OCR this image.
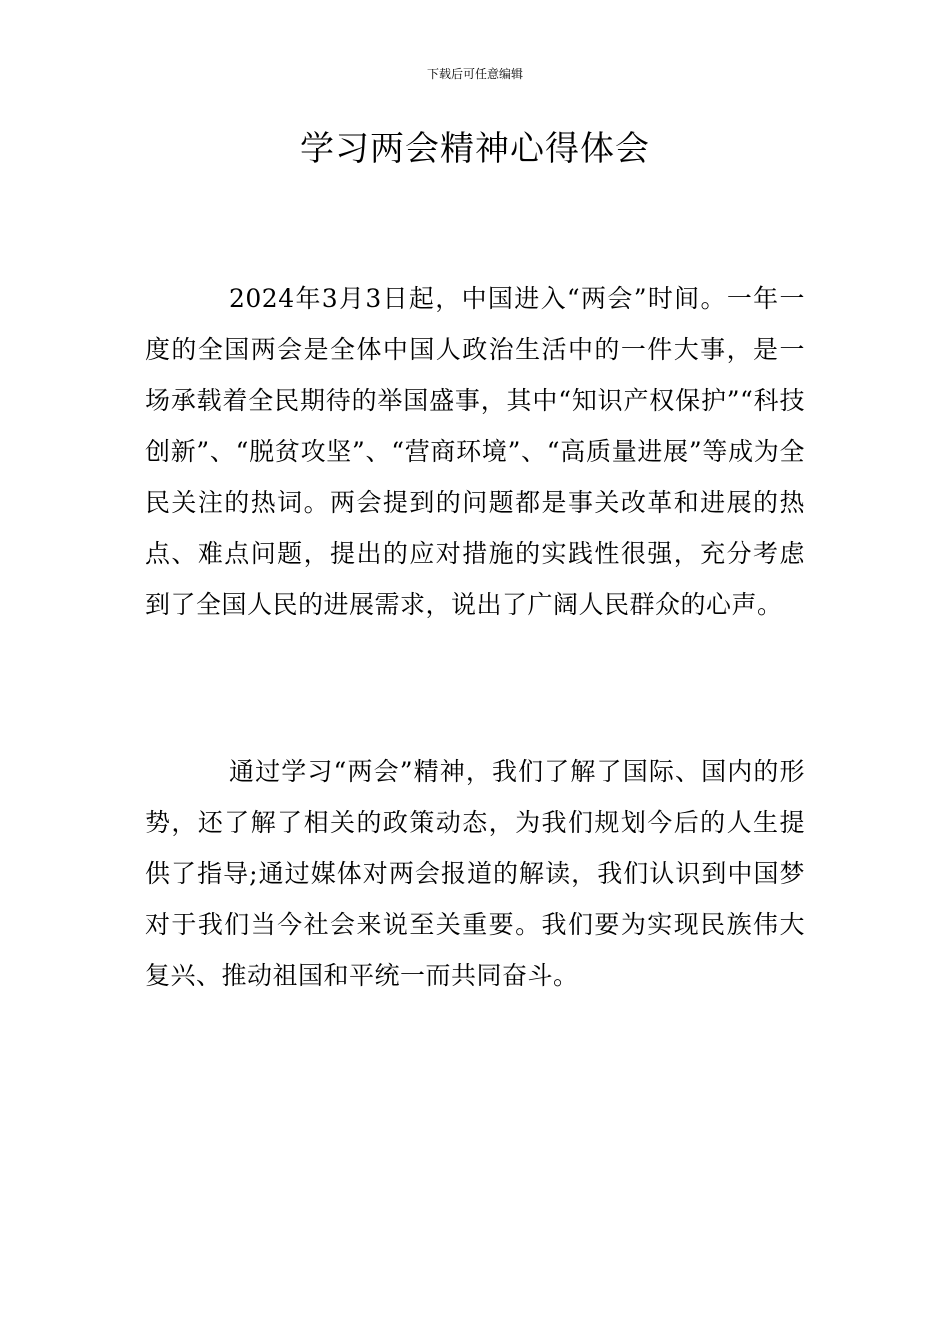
下载后可任意编辑
学习两会精神心得体会

2024年3月3日起，中国进入“两会”时间。一年一度的全国两会是全体中国人政治生活中的一件大事，是一场承载着全民期待的举国盛事，其中“知识产权保护”“科技创新”、“脱贫攻坚”、“营商环境”、“高质量进展”等成为全民关注的热词。两会提到的问题都是事关改革和进展的热点、难点问题，提出的应对措施的实践性很强，充分考虑到了全国人民的进展需求，说出了广阔人民群众的心声。

通过学习“两会”精神，我们了解了国际、国内的形势，还了解了相关的政策动态，为我们规划今后的人生提供了指导;通过媒体对两会报道的解读，我们认识到中国梦对于我们当今社会来说至关重要。我们要为实现民族伟大复兴、推动祖国和平统一而共同奋斗。
